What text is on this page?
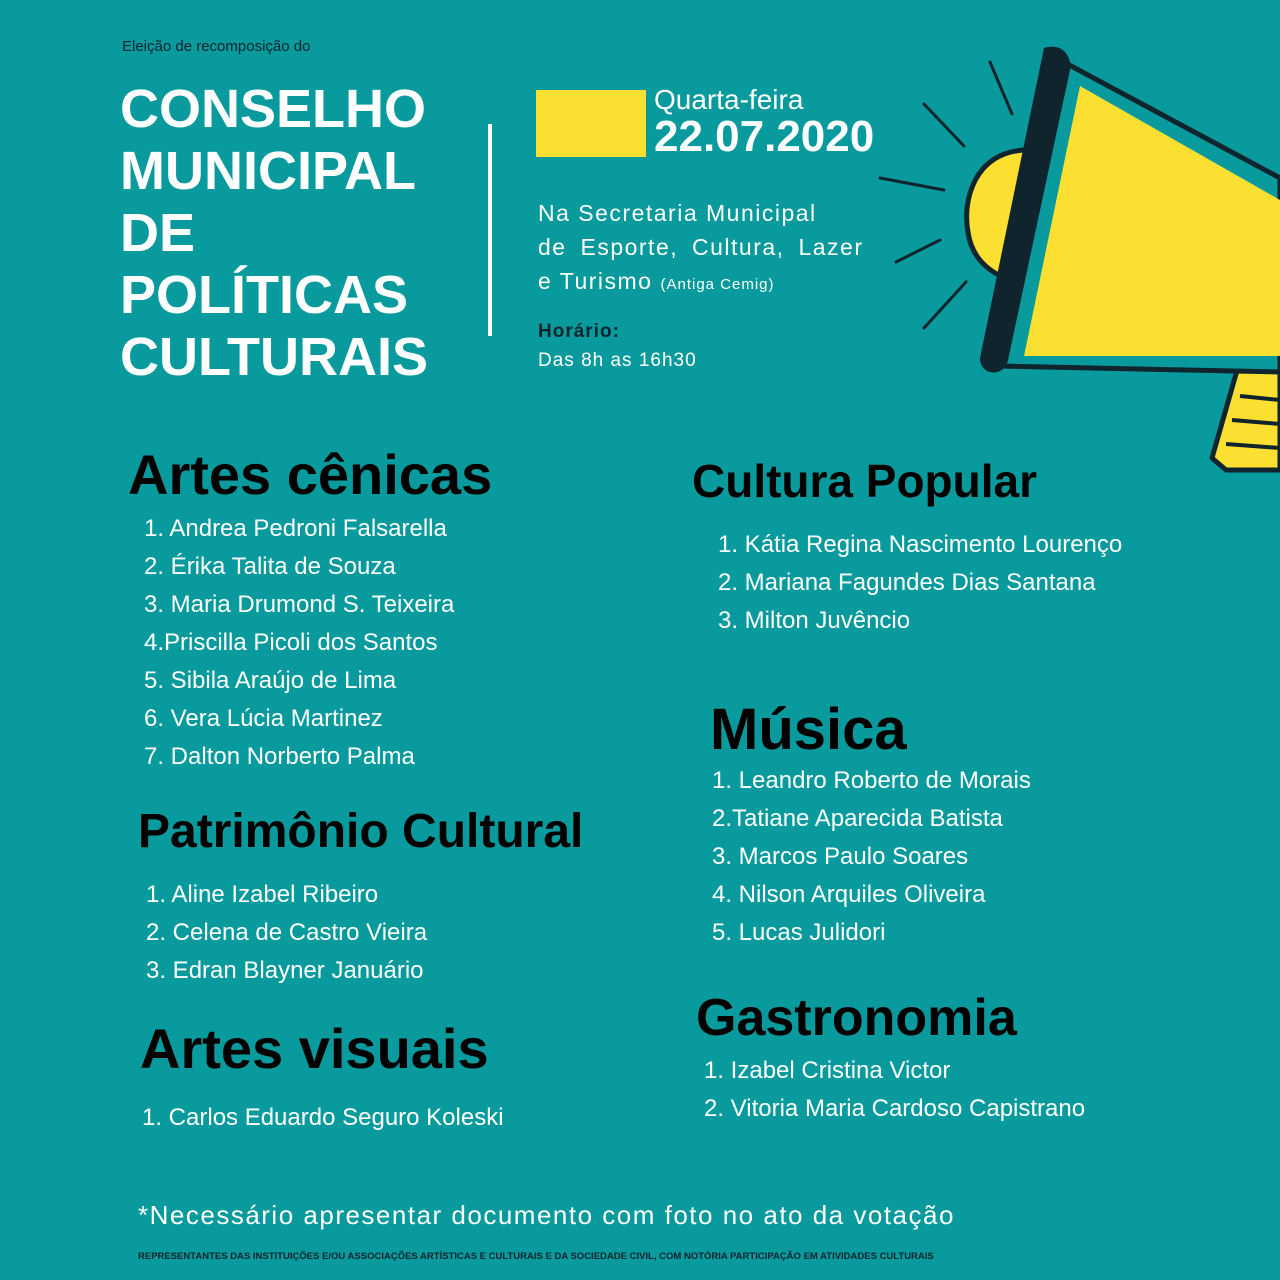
Eleição de recomposição do
CONSELHO
MUNICIPAL
DE
POLÍTICAS
CULTURAIS
Quarta-feira
22.07.2020
Na Secretaria Municipal
de Esporte, Cultura, Lazer
e Turismo (Antiga Cemig)
Horário:
Das 8h as 16h30
Artes cênicas
1. Andrea Pedroni Falsarella
2. Érika Talita de Souza
3. Maria Drumond S. Teixeira
4.Priscilla Picoli dos Santos
5. Sibila Araújo de Lima
6. Vera Lúcia Martinez
7. Dalton Norberto Palma
Patrimônio Cultural
1. Aline Izabel Ribeiro
2. Celena de Castro Vieira
3. Edran Blayner Januário
Artes visuais
1. Carlos Eduardo Seguro Koleski
Cultura Popular
1. Kátia Regina Nascimento Lourenço
2. Mariana Fagundes Dias Santana
3. Milton Juvêncio
Música
1. Leandro Roberto de Morais
2.Tatiane Aparecida Batista
3. Marcos Paulo Soares
4. Nilson Arquiles Oliveira
5. Lucas Julidori
Gastronomia
1. Izabel Cristina Victor
2. Vitoria Maria Cardoso Capistrano
*Necessário apresentar documento com foto no ato da votação
REPRESENTANTES DAS INSTITUIÇÕES E/OU ASSOCIAÇÕES ARTÍSTICAS E CULTURAIS E DA SOCIEDADE CIVIL, COM NOTÓRIA PARTICIPAÇÃO EM ATIVIDADES CULTURAIS
